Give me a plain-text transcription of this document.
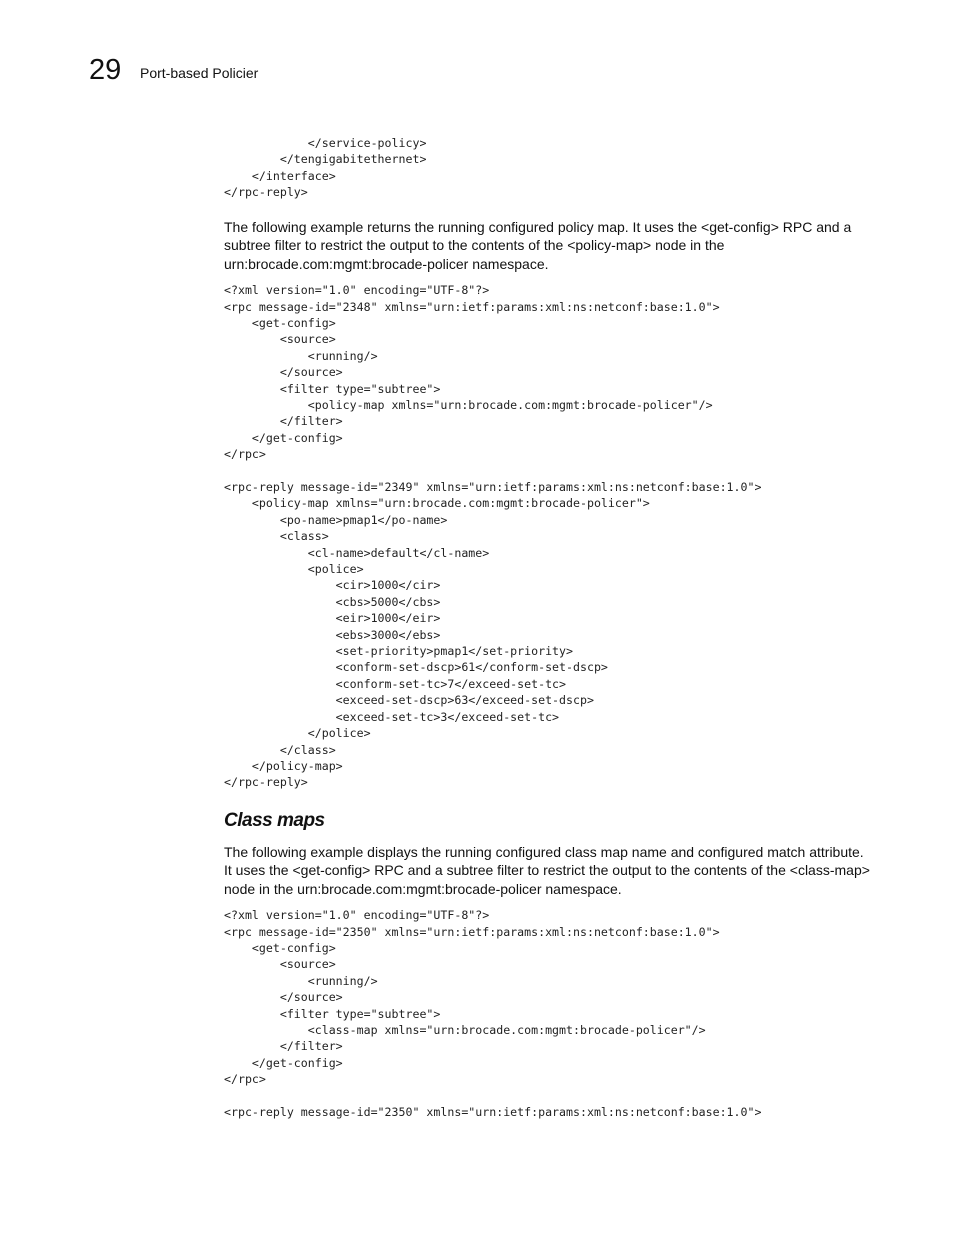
29 Port-based Policier
</service-policy>
</tengigabitethernet>
</interface>
</rpc-reply>

The following example returns the running configured policy map. It uses the <get-config> RPC and a subtree filter to restrict the output to the contents of the <policy-map> node in the urn:brocade.com:mgmt:brocade-policer namespace.

<?xml version="1.0" encoding="UTF-8"?>
<rpc message-id="2348" xmlns="urn:ietf:params:xml:ns:netconf:base:1.0">
<get-config>
<source>
<running/>
</source>
<filter type="subtree">
<policy-map xmlns="urn:brocade.com:mgmt:brocade-policer"/>
</filter>
</get-config>
</rpc>

<rpc-reply message-id="2349" xmlns="urn:ietf:params:xml:ns:netconf:base:1.0">
<policy-map xmlns="urn:brocade.com:mgmt:brocade-policer">
<po-name>pmap1</po-name>
<class>
<cl-name>default</cl-name>
<police>
<cir>1000</cir>
<cbs>5000</cbs>
<eir>1000</eir>
<ebs>3000</ebs>
<set-priority>pmap1</set-priority>
<conform-set-dscp>61</conform-set-dscp>
<conform-set-tc>7</exceed-set-tc>
<exceed-set-dscp>63</exceed-set-dscp>
<exceed-set-tc>3</exceed-set-tc>
</police>
</class>
</policy-map>
</rpc-reply>
Class maps

The following example displays the running configured class map name and configured match attribute. It uses the <get-config> RPC and a subtree filter to restrict the output to the contents of the <class-map> node in the urn:brocade.com:mgmt:brocade-policer namespace.

<?xml version="1.0" encoding="UTF-8"?>
<rpc message-id="2350" xmlns="urn:ietf:params:xml:ns:netconf:base:1.0">
<get-config>
<source>
<running/>
</source>
<filter type="subtree">
<class-map xmlns="urn:brocade.com:mgmt:brocade-policer"/>
</filter>
</get-config>
</rpc>

<rpc-reply message-id="2350" xmlns="urn:ietf:params:xml:ns:netconf:base:1.0">
